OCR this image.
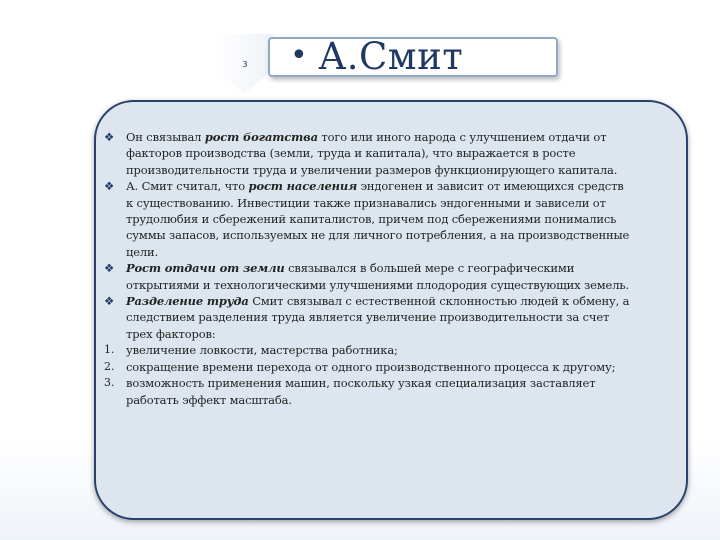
3 • А.Смит
❖	Он связывал рост богатства того или иного народа с улучшением отдачи от факторов производства (земли, труда и капитала), что выражается в росте производительности труда и увеличении размеров функционирующего капитала.
❖	А. Смит считал, что рост населения эндогенен и зависит от имеющихся средств к существованию. Инвестиции также признавались эндогенными и зависели от трудолюбия и сбережений капиталистов, причем под сбережениями понимались суммы запасов, используемых не для личного потребления, а на производственные цели.
❖	Рост отдачи от земли связывался в большей мере с географическими открытиями и технологическими улучшениями плодородия существующих земель.
❖	Разделение труда Смит связывал с естественной склонностью людей к обмену, а следствием разделения труда является увеличение производительности за счет трех факторов:
1.	увеличение ловкости, мастерства работника;
2.	сокращение времени перехода от одного производственного процесса к другому;
3.	возможность применения машин, поскольку узкая специализация заставляет работать эффект масштаба.
